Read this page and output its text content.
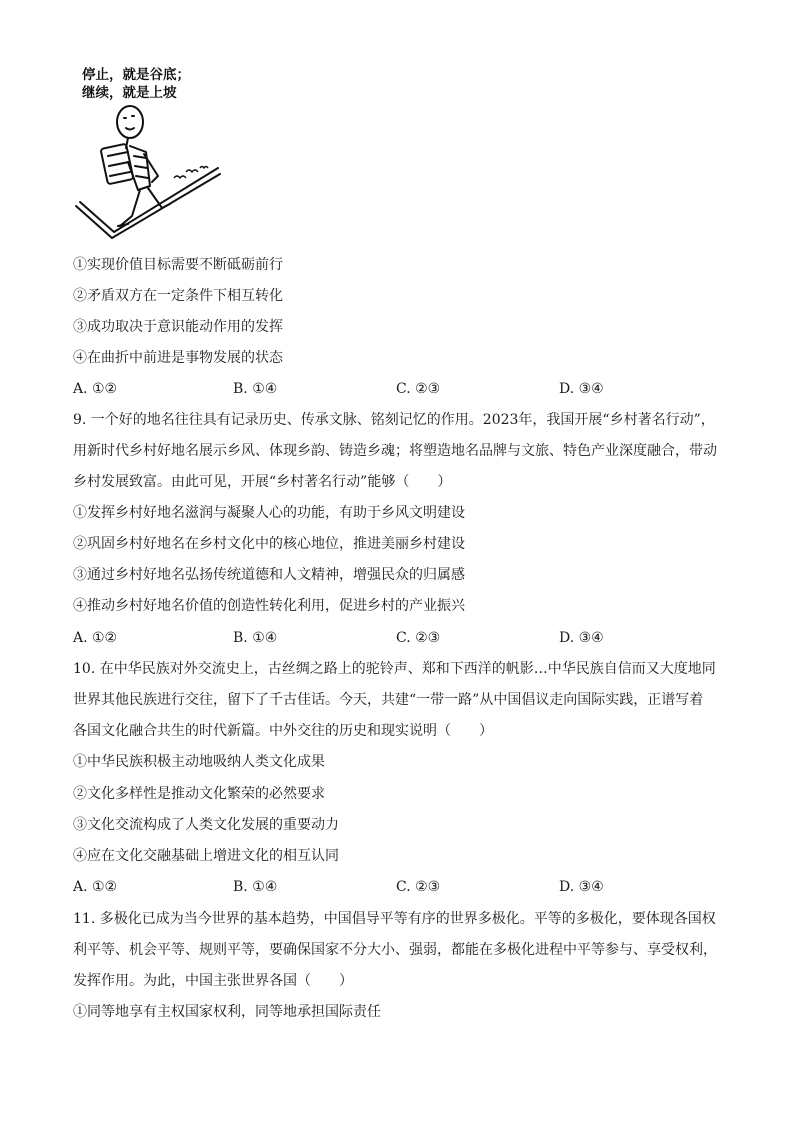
停止，就是谷底；
继续，就是上坡
①实现价值目标需要不断砥砺前行
②矛盾双方在一定条件下相互转化
③成功取决于意识能动作用的发挥
④在曲折中前进是事物发展的状态
A. ①②	B. ①④	C. ②③	D. ③④
9. 一个好的地名往往具有记录历史、传承文脉、铭刻记忆的作用。2023年，我国开展“乡村著名行动”，
用新时代乡村好地名展示乡风、体现乡韵、铸造乡魂；将塑造地名品牌与文旅、特色产业深度融合，带动
乡村发展致富。由此可见，开展“乡村著名行动”能够（　　）
①发挥乡村好地名滋润与凝聚人心的功能，有助于乡风文明建设
②巩固乡村好地名在乡村文化中的核心地位，推进美丽乡村建设
③通过乡村好地名弘扬传统道德和人文精神，增强民众的归属感
④推动乡村好地名价值的创造性转化利用，促进乡村的产业振兴
A. ①②	B. ①④	C. ②③	D. ③④
10. 在中华民族对外交流史上，古丝绸之路上的驼铃声、郑和下西洋的帆影…中华民族自信而又大度地同
世界其他民族进行交往，留下了千古佳话。今天，共建“一带一路”从中国倡议走向国际实践，正谱写着
各国文化融合共生的时代新篇。中外交往的历史和现实说明（　　）
①中华民族积极主动地吸纳人类文化成果
②文化多样性是推动文化繁荣的必然要求
③文化交流构成了人类文化发展的重要动力
④应在文化交融基础上增进文化的相互认同
A. ①②	B. ①④	C. ②③	D. ③④
11. 多极化已成为当今世界的基本趋势，中国倡导平等有序的世界多极化。平等的多极化，要体现各国权
利平等、机会平等、规则平等，要确保国家不分大小、强弱，都能在多极化进程中平等参与、享受权利，
发挥作用。为此，中国主张世界各国（　　）
①同等地享有主权国家权利，同等地承担国际责任
